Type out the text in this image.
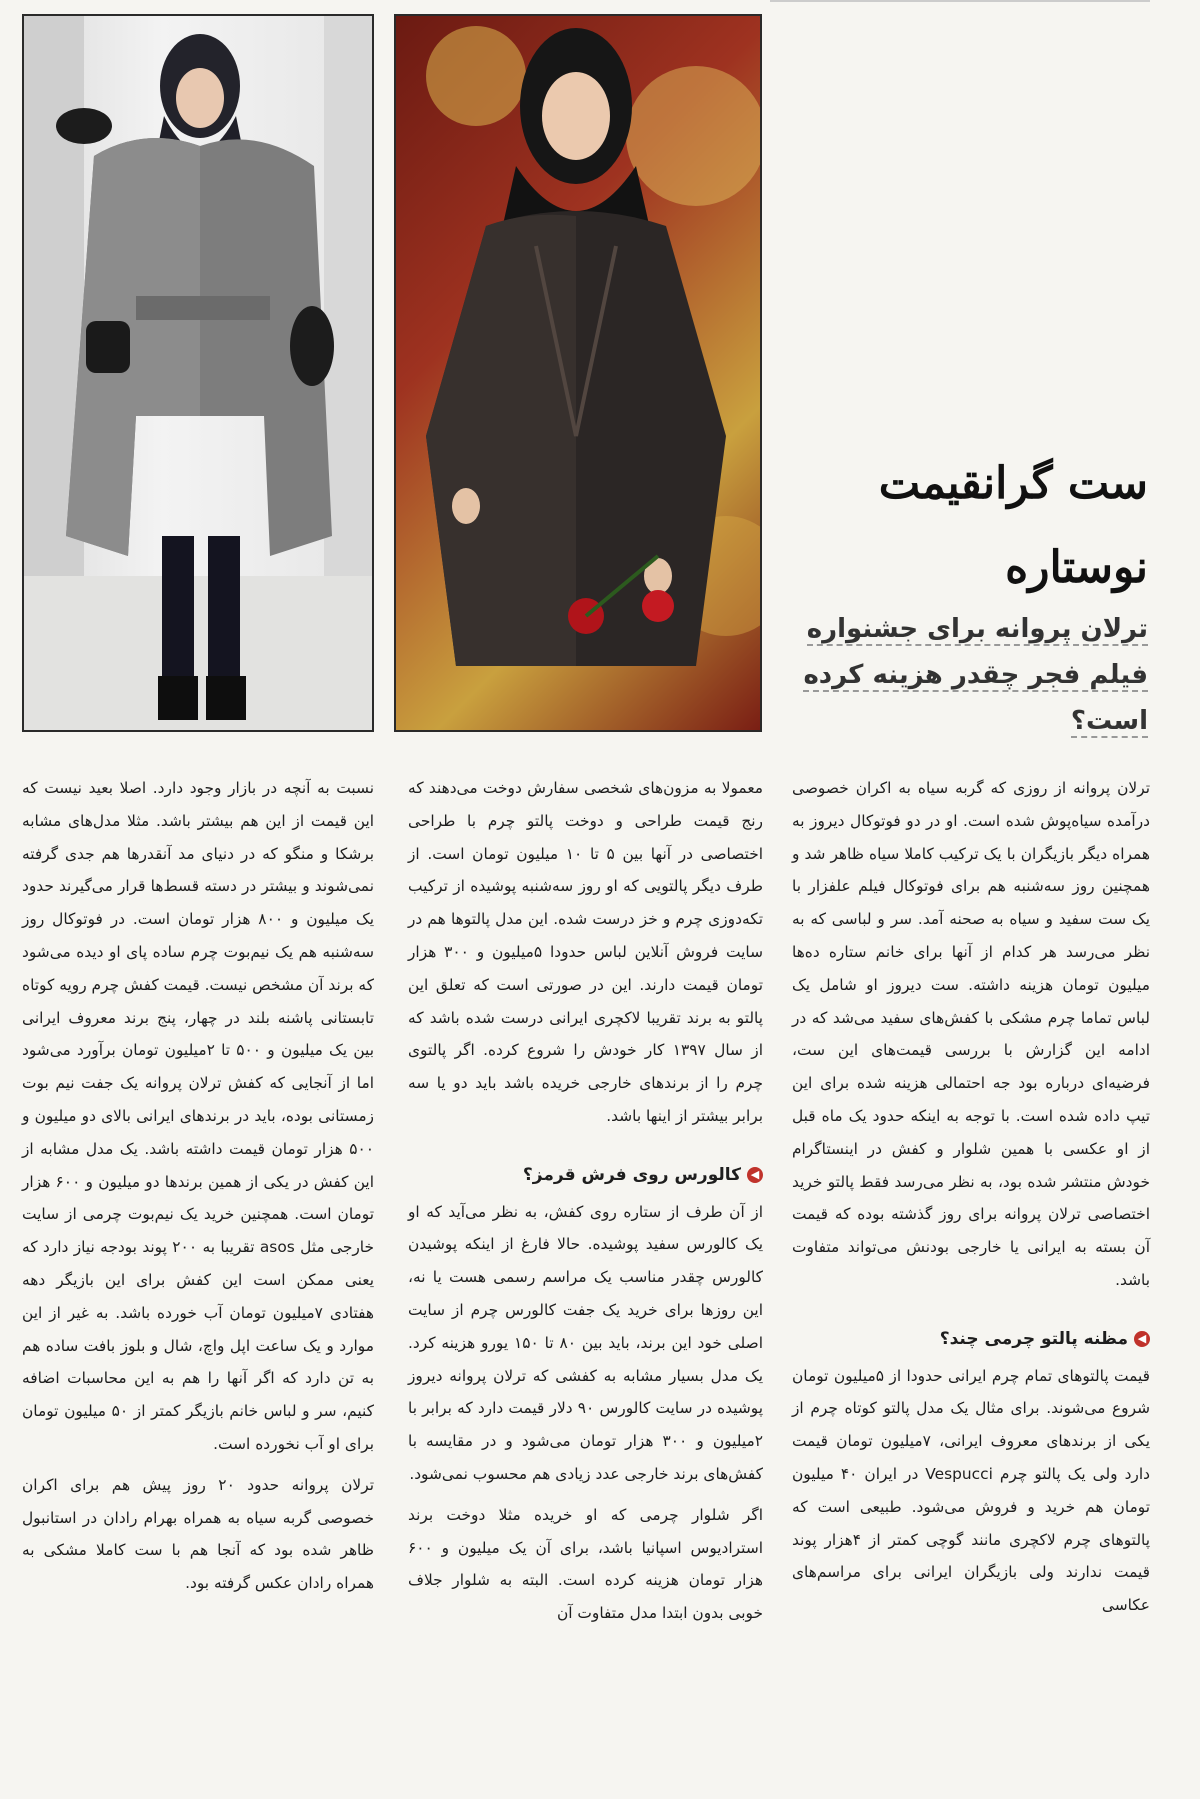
ست گرانقیمت
نوستاره

ترلان پروانه برای جشنواره فیلم فجر چقدر هزینه کرده است؟

ترلان پروانه از روزی که گربه سیاه به اکران خصوصی درآمده سیاه‌پوش شده است. او در دو فوتوکال دیروز به همراه دیگر بازیگران با یک ترکیب کاملا سیاه ظاهر شد و همچنین روز سه‌شنبه هم برای فوتوکال فیلم علفزار با یک ست سفید و سیاه به صحنه آمد. سر و لباسی که به نظر می‌رسد هر کدام از آنها برای خانم ستاره ده‌ها میلیون تومان هزینه داشته. ست دیروز او شامل یک لباس تماما چرم مشکی با کفش‌های سفید می‌شد که در ادامه این گزارش با بررسی قیمت‌های این ست، فرضیه‌ای درباره بود جه احتمالی هزینه شده برای این تیپ داده شده است. با توجه به اینکه حدود یک ماه قبل از او عکسی با همین شلوار و کفش در اینستاگرام خودش منتشر شده بود، به نظر می‌رسد فقط پالتو خرید اختصاصی ترلان پروانه برای روز گذشته بوده که قیمت آن بسته به ایرانی یا خارجی بودنش می‌تواند متفاوت باشد.

◀
مظنه پالتو چرمی چند؟

قیمت پالتوهای تمام چرم ایرانی حدودا از ۵میلیون تومان شروع می‌شوند. برای مثال یک مدل پالتو کوتاه چرم از یکی از برندهای معروف ایرانی، ۷میلیون تومان قیمت دارد ولی یک پالتو چرم Vespucci در ایران ۴۰ میلیون تومان هم خرید و فروش می‌شود. طبیعی است که پالتوهای چرم لاکچری مانند گوچی کمتر از ۴هزار پوند قیمت ندارند ولی بازیگران ایرانی برای مراسم‌های عکاسی

معمولا به مزون‌های شخصی سفارش دوخت می‌دهند که رنج قیمت طراحی و دوخت پالتو چرم با طراحی اختصاصی در آنها بین ۵ تا ۱۰ میلیون تومان است. از طرف دیگر پالتویی که او روز سه‌شنبه پوشیده از ترکیب تکه‌دوزی چرم و خز درست شده. این مدل پالتوها هم در سایت فروش آنلاین لباس حدودا ۵میلیون و ۳۰۰ هزار تومان قیمت دارند. این در صورتی است که تعلق این پالتو به برند تقریبا لاکچری ایرانی درست شده باشد که از سال ۱۳۹۷ کار خودش را شروع کرده. اگر پالتوی چرم را از برندهای خارجی خریده باشد باید دو یا سه برابر بیشتر از اینها باشد.

◀
کالورس روی فرش قرمز؟

از آن طرف از ستاره روی کفش، به نظر می‌آید که او یک کالورس سفید پوشیده. حالا فارغ از اینکه پوشیدن کالورس چقدر مناسب یک مراسم رسمی هست یا نه، این روزها برای خرید یک جفت کالورس چرم از سایت اصلی خود این برند، باید بین ۸۰ تا ۱۵۰ یورو هزینه کرد. یک مدل بسیار مشابه به کفشی که ترلان پروانه دیروز پوشیده در سایت کالورس ۹۰ دلار قیمت دارد که برابر با ۲میلیون و ۳۰۰ هزار تومان می‌شود و در مقایسه با کفش‌های برند خارجی عدد زیادی هم محسوب نمی‌شود.

اگر شلوار چرمی که او خریده مثلا دوخت برند استرادیوس اسپانیا باشد، برای آن یک میلیون و ۶۰۰ هزار تومان هزینه کرده است. البته به شلوار جلاف خوبی بدون ابتدا مدل متفاوت آن

نسبت به آنچه در بازار وجود دارد. اصلا بعید نیست که این قیمت از این هم بیشتر باشد. مثلا مدل‌های مشابه برشکا و منگو که در دنیای مد آنقدرها هم جدی گرفته نمی‌شوند و بیشتر در دسته قسط‌ها قرار می‌گیرند حدود یک میلیون و ۸۰۰ هزار تومان است. در فوتوکال روز سه‌شنبه هم یک نیم‌بوت چرم ساده پای او دیده می‌شود که برند آن مشخص نیست. قیمت کفش چرم رویه کوتاه تابستانی پاشنه بلند در چهار، پنج برند معروف ایرانی بین یک میلیون و ۵۰۰ تا ۲میلیون تومان برآورد می‌شود اما از آنجایی که کفش ترلان پروانه یک جفت نیم بوت زمستانی بوده، باید در برندهای ایرانی بالای دو میلیون و ۵۰۰ هزار تومان قیمت داشته باشد. یک مدل مشابه از این کفش در یکی از همین برندها دو میلیون و ۶۰۰ هزار تومان است. همچنین خرید یک نیم‌بوت چرمی از سایت خارجی مثل asos تقریبا به ۲۰۰ پوند بودجه نیاز دارد که یعنی ممکن است این کفش برای این بازیگر دهه هفتادی ۷میلیون تومان آب خورده باشد. به غیر از این موارد و یک ساعت اپل واچ، شال و بلوز بافت ساده هم به تن دارد که اگر آنها را هم به این محاسبات اضافه کنیم، سر و لباس خانم بازیگر کمتر از ۵۰ میلیون تومان برای او آب نخورده است.

ترلان پروانه حدود ۲۰ روز پیش هم برای اکران خصوصی گربه سیاه به همراه بهرام رادان در استانبول ظاهر شده بود که آنجا هم با ست کاملا مشکی به همراه رادان عکس گرفته بود.
